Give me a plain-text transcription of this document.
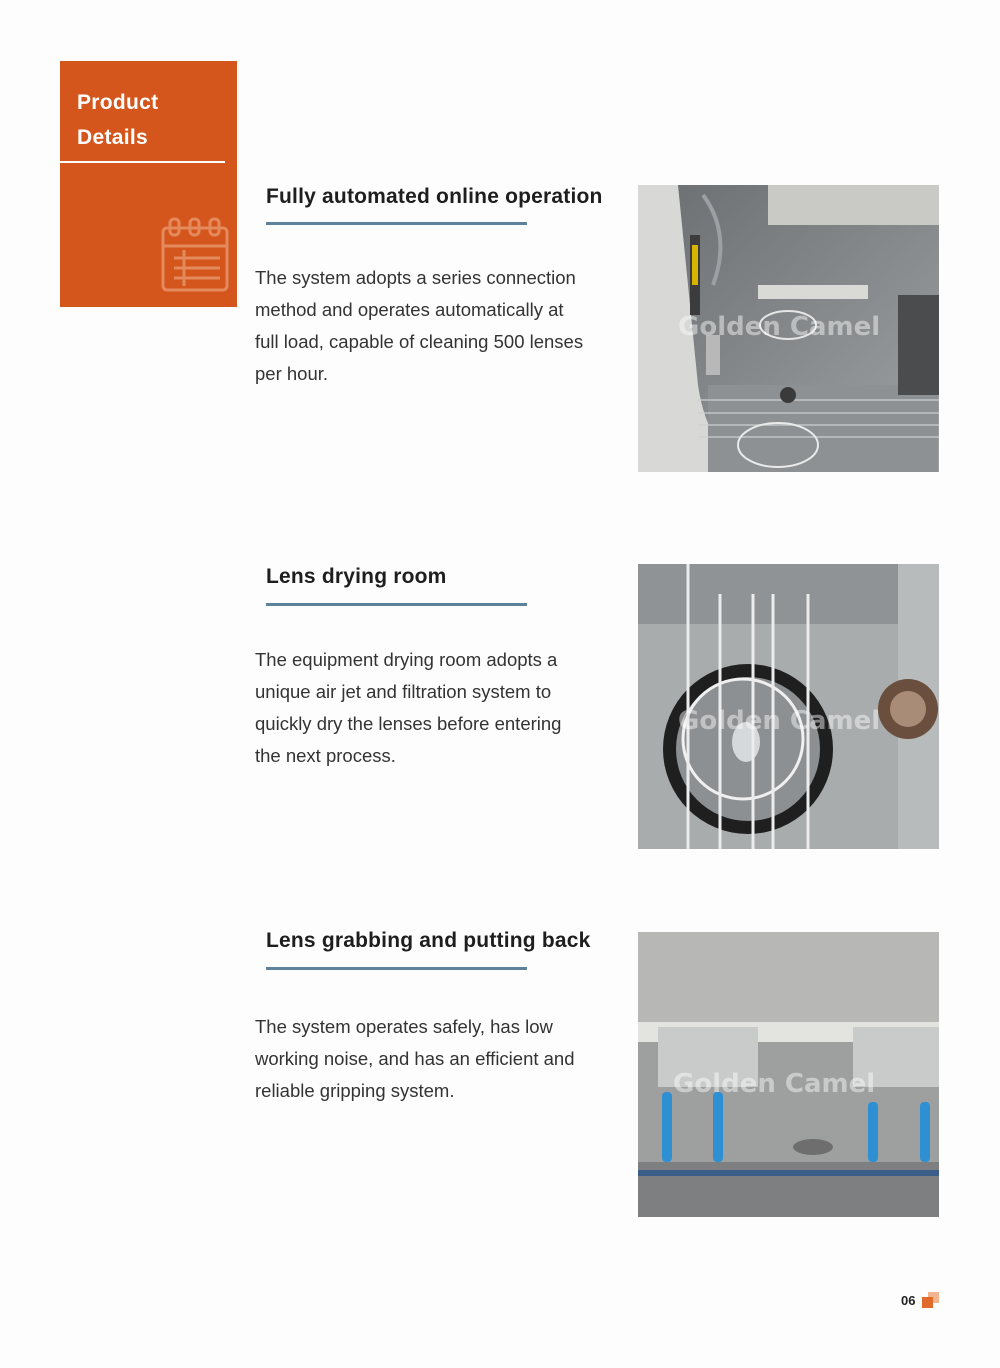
Product
Details
Fully automated online operation
The system adopts a series connection
method and operates automatically at
full load, capable of cleaning 500 lenses
per hour.
Golden Camel
Lens drying room
The equipment drying room adopts a
unique air jet and filtration system to
quickly dry the lenses before entering
the next process.
Golden Camel
Lens grabbing and putting back
The system operates safely, has low
working noise, and has an efficient and
reliable gripping system.	Golden Camel
06
